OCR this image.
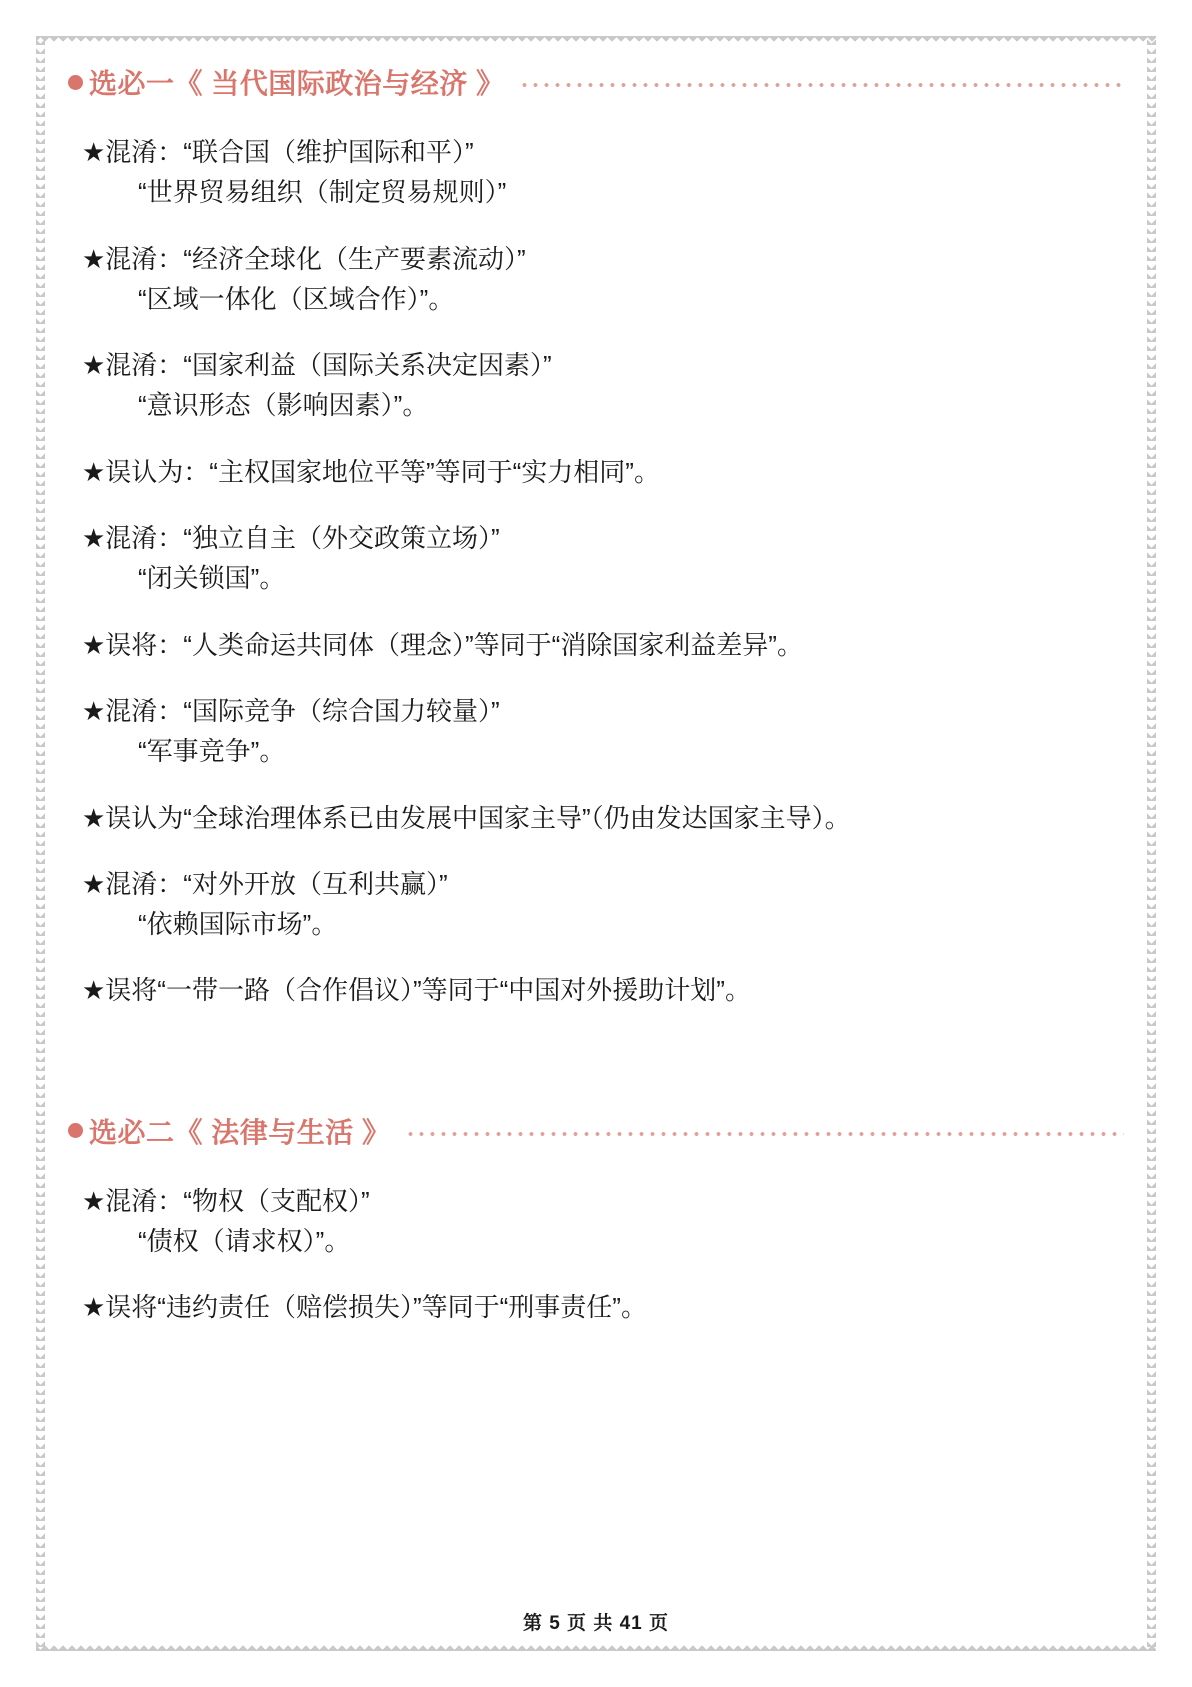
选必一《 当代国际政治与经济 》

★混淆：“联合国（维护国际和平）”
“世界贸易组织（制定贸易规则）”

★混淆：“经济全球化（生产要素流动）”
“区域一体化（区域合作）”。

★混淆：“国家利益（国际关系决定因素）”
“意识形态（影响因素）”。

★误认为：“主权国家地位平等”等同于“实力相同”。

★混淆：“独立自主（外交政策立场）”
“闭关锁国”。

★误将：“人类命运共同体（理念）”等同于“消除国家利益差异”。

★混淆：“国际竞争（综合国力较量）”
“军事竞争”。

★误认为“全球治理体系已由发展中国家主导”（仍由发达国家主导）。

★混淆：“对外开放（互利共赢）”
“依赖国际市场”。

★误将“一带一路（合作倡议）”等同于“中国对外援助计划”。

选必二《 法律与生活 》

★混淆：“物权（支配权）”
“债权（请求权）”。

★误将“违约责任（赔偿损失）”等同于“刑事责任”。

第 5 页 共 41 页
